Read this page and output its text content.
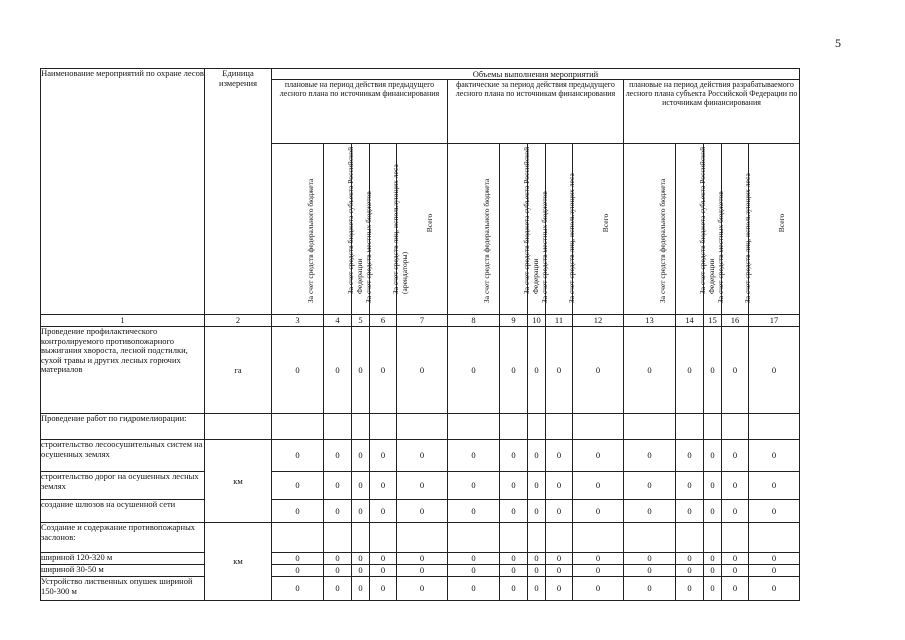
5
Наименование мероприятий по охране лесов	Единица измерения	Объемы выполнения мероприятий														
		плановые на период действия предыдущего лесного плана по источникам финансирования					фактические за период действия предыдущего лесного плана по источникам финансирования					плановые на период действия разрабатываемого лесного плана субъекта Российской Федерации по источникам финансирования				

		За счет средств федерального бюджета	За счет средств бюджета субъекта Российской Федерации	За счет средств местных бюджетов	За счет средств лиц, использующих леса (арендаторы)	Всего	За счет средств федерального бюджета	За счет средств бюджета субъекта Российской Федерации	За счет средств местных бюджетов	За счет средств лиц, использующих леса	Всего	За счет средств федерального бюджета	За счет средств бюджета субъекта Российской Федерации	За счет средств местных бюджетов	За счет средств лиц, использующих леса	Всего

1	2	3	4	5	6	7	8	9	10	11	12	13	14	15	16	17
Проведение профилактического контролируемого противопожарного выжигания хвороста, лесной подстилки, сухой травы и других лесных горючих материалов	га	0	0	0	0	0	0	0	0	0	0	0	0	0	0	0
Проведение работ по гидромелиорации:																
строительство лесоосушительных систем на осушенных землях	км	0	0	0	0	0	0	0	0	0	0	0	0	0	0	0
строительство дорог на осушенных лесных землях		0	0	0	0	0	0	0	0	0	0	0	0	0	0	0
создание шлюзов на осушенной сети		0	0	0	0	0	0	0	0	0	0	0	0	0	0	0
Создание и содержание противопожарных заслонов:	км															
шириной 120-320 м		0	0	0	0	0	0	0	0	0	0	0	0	0	0	0
шириной 30-50 м		0	0	0	0	0	0	0	0	0	0	0	0	0	0	0
Устройство лиственных опушек шириной 150-300 м		0	0	0	0	0	0	0	0	0	0	0	0	0	0	0
